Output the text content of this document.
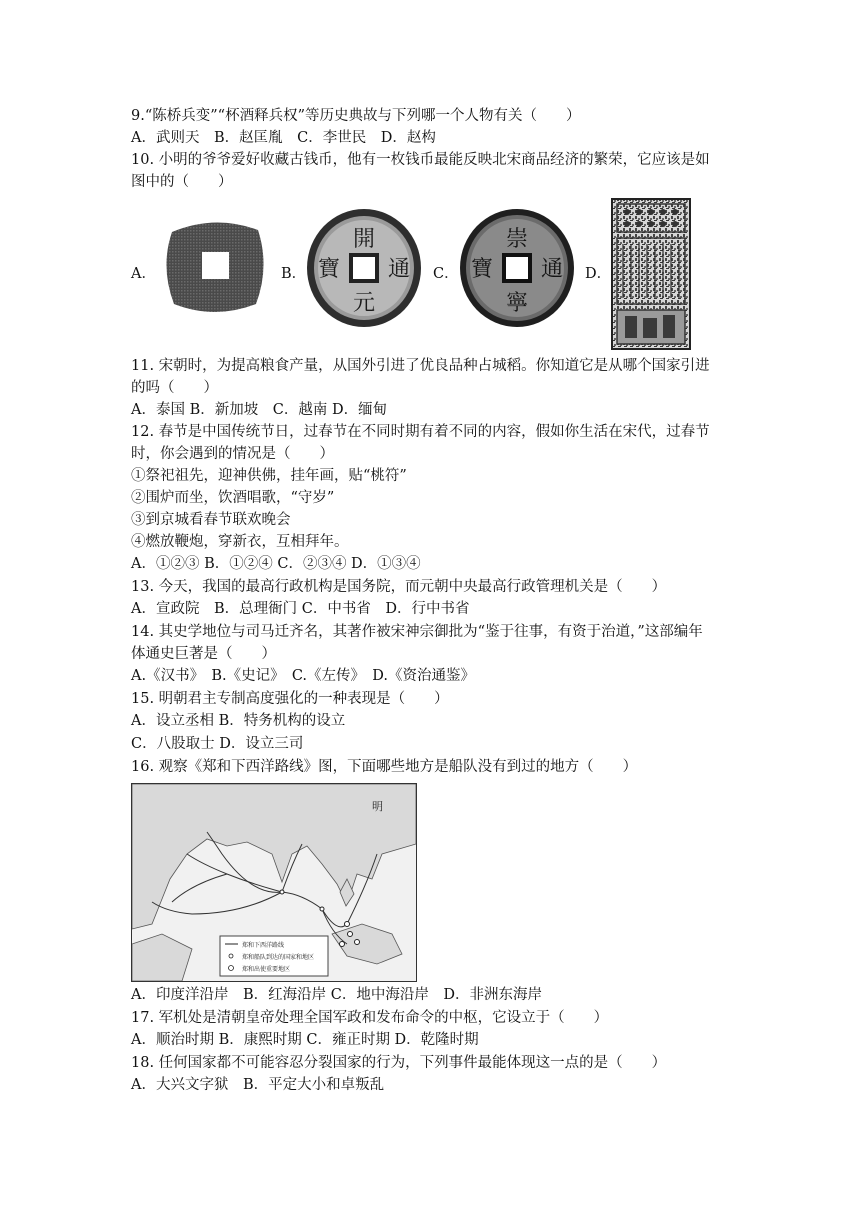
9.“陈桥兵变”“杯酒释兵权”等历史典故与下列哪一个人物有关（　　）
A．武则天　B．赵匡胤　C．李世民　D．赵构
10. 小明的爷爷爱好收藏古钱币，他有一枚钱币最能反映北宋商品经济的繁荣，它应该是如
图中的（　　）
A．	B．
開
元
通
寶	C．
崇
寧
通
寶	D．
11. 宋朝时，为提高粮食产量，从国外引进了优良品种占城稻。你知道它是从哪个国家引进
的吗（　　）
A．泰国 B．新加坡　C．越南 D．缅甸
12. 春节是中国传统节日，过春节在不同时期有着不同的内容，假如你生活在宋代，过春节
时，你会遇到的情况是（　　）
①祭祀祖先，迎神供佛，挂年画，贴“桃符”
②围炉而坐，饮酒唱歌，“守岁”
③到京城看春节联欢晚会
④燃放鞭炮，穿新衣，互相拜年。
A．①②③ B．①②④ C．②③④ D．①③④
13. 今天，我国的最高行政机构是国务院，而元朝中央最高行政管理机关是（　　）
A．宣政院　B．总理衙门 C．中书省　D．行中书省
14. 其史学地位与司马迁齐名，其著作被宋神宗御批为“鉴于往事，有资于治道，”这部编年
体通史巨著是（　　）
A.《汉书》　B.《史记》　C.《左传》　D.《资治通鉴》
15. 明朝君主专制高度强化的一种表现是（　　）
A．设立丞相 B．特务机构的设立
C．八股取士 D．设立三司
16. 观察《郑和下西洋路线》图，下面哪些地方是船队没有到过的地方（　　）
明
郑和下西洋路线
郑和船队到达的国家和地区
郑和出使重要地区
A．印度洋沿岸　B．红海沿岸 C．地中海沿岸　D．非洲东海岸
17. 军机处是清朝皇帝处理全国军政和发布命令的中枢，它设立于（　　）
A．顺治时期 B．康熙时期 C．雍正时期 D．乾隆时期
18. 任何国家都不可能容忍分裂国家的行为，下列事件最能体现这一点的是（　　）
A．大兴文字狱　B．平定大小和卓叛乱
